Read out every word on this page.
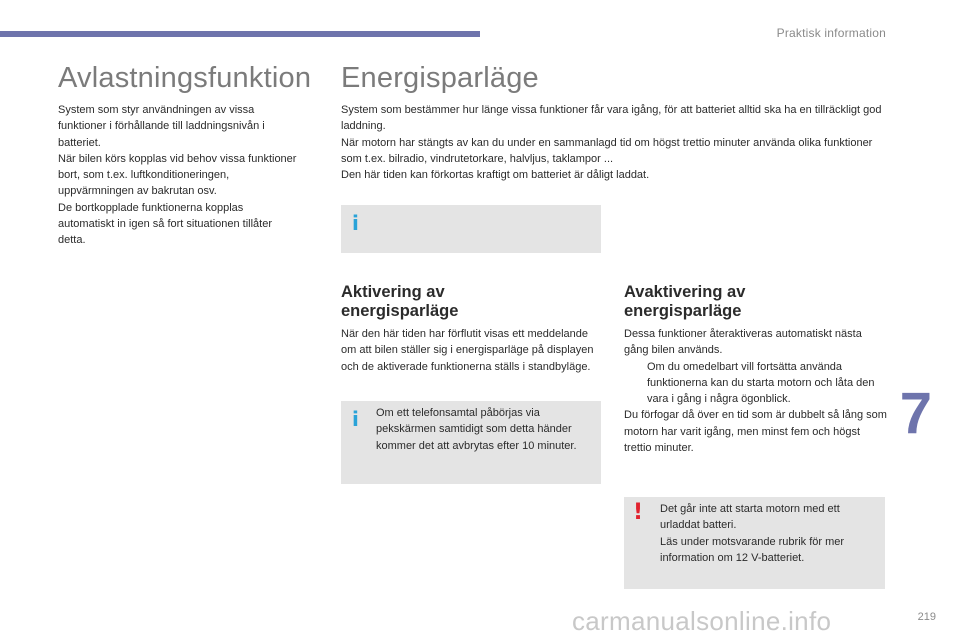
Praktisk information
Avlastningsfunktion

System som styr användningen av vissa funktioner i förhållande till laddningsnivån i batteriet.

När bilen körs kopplas vid behov vissa funktioner bort, som t.ex. luftkonditioneringen, uppvärmningen av bakrutan osv.

De bortkopplade funktionerna kopplas automatiskt in igen så fort situationen tillåter detta.

Energisparläge

System som bestämmer hur länge vissa funktioner får vara igång, för att batteriet alltid ska ha en tillräckligt god laddning.

När motorn har stängts av kan du under en sammanlagd tid om högst trettio minuter använda olika funktioner som t.ex. bilradio, vindrutetorkare, halvljus, taklampor ...

Den här tiden kan förkortas kraftigt om batteriet är dåligt laddat.

i
Aktivering av
energisparläge
När den här tiden har förflutit visas ett meddelande om att bilen ställer sig i energisparläge på displayen och de aktiverade funktionerna ställs i standbyläge.
i Om ett telefonsamtal påbörjas via pekskärmen samtidigt som detta händer kommer det att avbrytas efter 10 minuter.
Avaktivering av
energisparläge

Dessa funktioner återaktiveras automatiskt nästa gång bilen används.

Om du omedelbart vill fortsätta använda funktionerna kan du starta motorn och låta den vara i gång i några ögonblick.

Du förfogar då över en tid som är dubbelt så lång som motorn har varit igång, men minst fem och högst trettio minuter.

! Det går inte att starta motorn med ett urladdat batteri.

Läs under motsvarande rubrik för mer information om 12 V-batteriet.

7
carmanualsonline.info	219
